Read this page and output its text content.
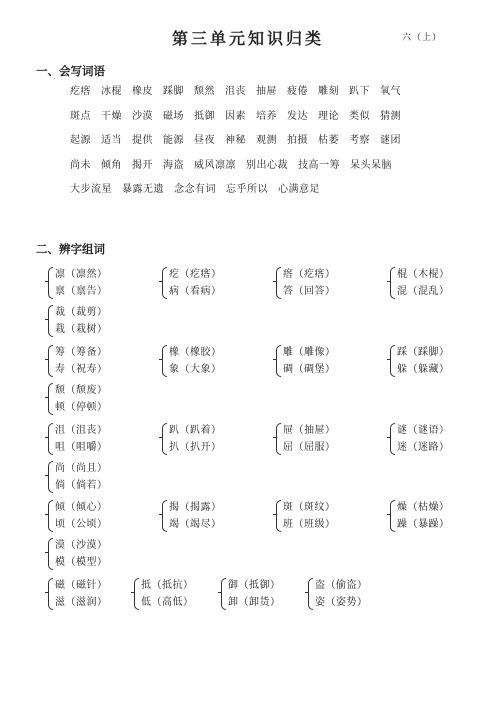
第三单元知识归类	六（上）
一、会写词语
疙瘩 冰棍 橡皮 踩脚 颓然 沮丧 抽屉 疲倦 雕刻 趴下 氧气
斑点 干燥 沙漠 磁场 抵御 因素 培养 发达 理论 类似 猜测
起源 适当 提供 能源 昼夜 神秘 观测 拍摄 枯萎 考察 谜团
尚未 倾角 揭开 海盗 威风凛凛 别出心裁 技高一筹 呆头呆脑
大步流星 暴露无遗 念念有词 忘乎所以 心满意足
二、辨字组词
凛（凛然）
禀（禀告）
疙（疙瘩）
病（看病）
瘩（疙瘩）
答（回答）
棍（木棍）
混（混乱）
裁（裁剪）
栽（栽树）
筹（筹备）
寿（祝寿）
橡（橡胶）
象（大象）
雕（雕像）
碉（碉堡）
踩（踩脚）
躲（躲藏）
颓（颓废）
顿（停顿）
沮（沮丧）
咀（咀嚼）
趴（趴着）
扒（扒开）
屉（抽屉）
屈（屈服）
谜（谜语）
迷（迷路）
尚（尚且）
倘（倘若）
倾（倾心）
顷（公顷）
揭（揭露）
竭（竭尽）
斑（斑纹）
班（班级）
燥（枯燥）
躁（暴躁）
漠（沙漠）
模（模型）
磁（磁针）
滋（滋润）
抵（抵抗）
低（高低）
御（抵御）
卸（卸货）
盗（偷盗）
姿（姿势）
